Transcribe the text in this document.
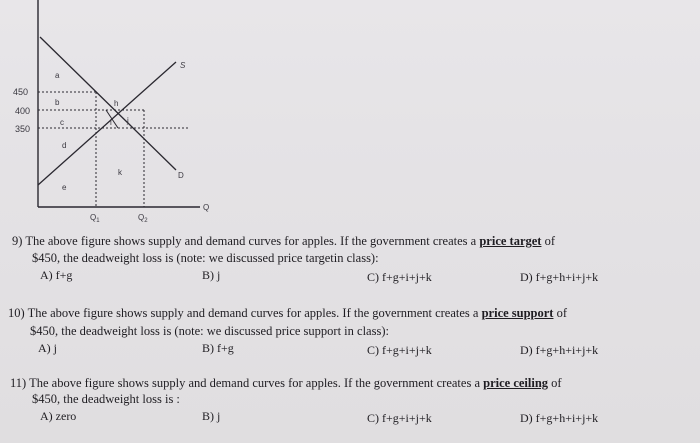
450
400
350
a
b
c
d
e
h
i j
k
S
D
Q
$Q_1$	$Q_2$
9) The above figure shows supply and demand curves for apples. If the government creates a price target of
$450, the deadweight loss is (note: we discussed price targetin class):
A) f+g	B) j	C) f+g+i+j+k	D) f+g+h+i+j+k
10) The above figure shows supply and demand curves for apples. If the government creates a price support of
$450, the deadweight loss is (note: we discussed price support in class):
A) j	B) f+g	C) f+g+i+j+k	D) f+g+h+i+j+k
11) The above figure shows supply and demand curves for apples. If the government creates a price ceiling of
$450, the deadweight loss is :
A) zero	B) j	C) f+g+i+j+k	D) f+g+h+i+j+k
